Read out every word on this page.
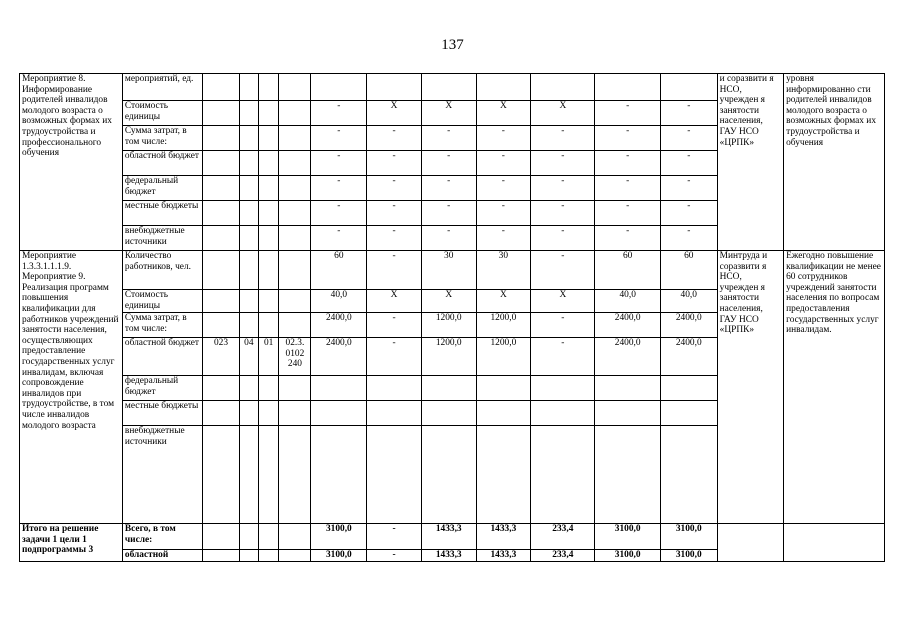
137
Мероприятие 8. Информирование родителей инвалидов молодого возраста о возможных формах их трудоустройства и профессионального обучения	мероприятий, ед.												и соразвити я НСО, учрежден я занятости населения, ГАУ НСО «ЦРПК»	уровня информированно сти родителей инвалидов молодого возраста о возможных формах их трудоустройства и обучения
	Стоимость единицы					-	X	X	X	X	-	-		
	Сумма затрат, в том числе:					-	-	-	-	-	-	-		
	областной бюджет					-	-	-	-	-	-	-		
	федеральный бюджет					-	-	-	-	-	-	-		
	местные бюджеты					-	-	-	-	-	-	-		
	внебюджетные источники					-	-	-	-	-	-	-		
Мероприятие 1.3.3.1.1.1.9. Мероприятие 9. Реализация программ повышения квалификации для работников учреждений занятости населения, осуществляющих предоставление государственных услуг инвалидам, включая сопровождение инвалидов при трудоустройстве, в том числе инвалидов молодого возраста	Количество работников, чел.					60	-	30	30	-	60	60	Минтруда и соразвити я НСО, учрежден я занятости населения, ГАУ НСО «ЦРПК»	Ежегодно повышение квалификации не менее 60 сотрудников учреждений занятости населения по вопросам предоставления государственных услуг инвалидам.
	Стоимость единицы					40,0	X	X	X	X	40,0	40,0		
	Сумма затрат, в том числе:					2400,0	-	1200,0	1200,0	-	2400,0	2400,0		
	областной бюджет	023	04	01	02.3. 0102 240	2400,0	-	1200,0	1200,0	-	2400,0	2400,0		
	федеральный бюджет													
	местные бюджеты													
	внебюджетные источники													
Итого на решение задачи 1 цели 1 подпрограммы 3	Всего, в том числе:					3100,0	-	1433,3	1433,3	233,4	3100,0	3100,0		
	областной					3100,0	-	1433,3	1433,3	233,4	3100,0	3100,0		
